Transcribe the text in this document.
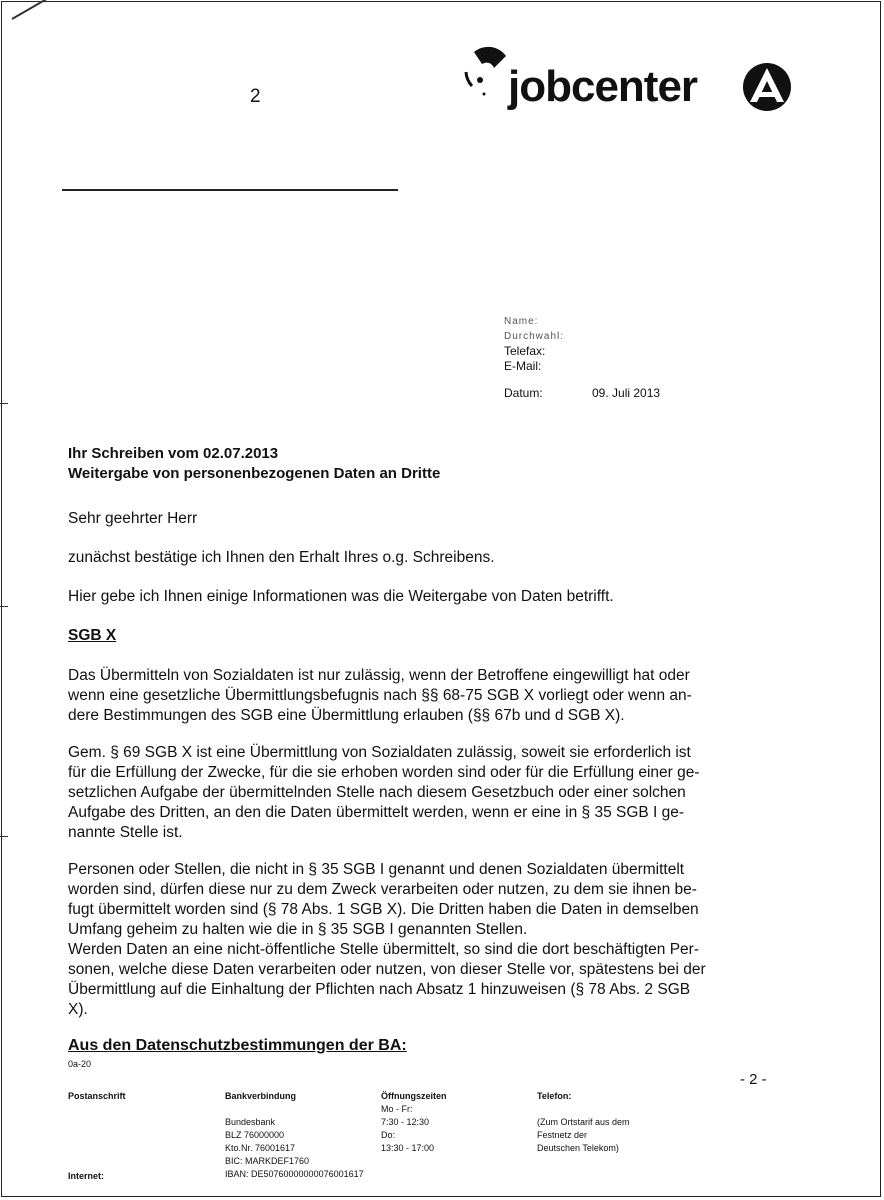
2	jobcenter
Name:
Durchwahl:
Telefax:
E-Mail:
Datum:	09. Juli 2013
Ihr Schreiben vom 02.07.2013
Weitergabe von personenbezogenen Daten an Dritte
Sehr geehrter Herr
zunächst bestätige ich Ihnen den Erhalt Ihres o.g. Schreibens.
Hier gebe ich Ihnen einige Informationen was die Weitergabe von Daten betrifft.
SGB X
Das Übermitteln von Sozialdaten ist nur zulässig, wenn der Betroffene eingewilligt hat oder
wenn eine gesetzliche Übermittlungsbefugnis nach §§ 68-75 SGB X vorliegt oder wenn an-
dere Bestimmungen des SGB eine Übermittlung erlauben (§§ 67b und d SGB X).
Gem. § 69 SGB X ist eine Übermittlung von Sozialdaten zulässig, soweit sie erforderlich ist
für die Erfüllung der Zwecke, für die sie erhoben worden sind oder für die Erfüllung einer ge-
setzlichen Aufgabe der übermittelnden Stelle nach diesem Gesetzbuch oder einer solchen
Aufgabe des Dritten, an den die Daten übermittelt werden, wenn er eine in § 35 SGB I ge-
nannte Stelle ist.
Personen oder Stellen, die nicht in § 35 SGB I genannt und denen Sozialdaten übermittelt
worden sind, dürfen diese nur zu dem Zweck verarbeiten oder nutzen, zu dem sie ihnen be-
fugt übermittelt worden sind (§ 78 Abs. 1 SGB X). Die Dritten haben die Daten in demselben
Umfang geheim zu halten wie die in § 35 SGB I genannten Stellen.
Werden Daten an eine nicht-öffentliche Stelle übermittelt, so sind die dort beschäftigten Per-
sonen, welche diese Daten verarbeiten oder nutzen, von dieser Stelle vor, spätestens bei der
Übermittlung auf die Einhaltung der Pflichten nach Absatz 1 hinzuweisen (§ 78 Abs. 2 SGB
X).
Aus den Datenschutzbestimmungen der BA:
0a-20
- 2 -
Postanschrift
Internet:
Bankverbindung
Bundesbank
BLZ 76000000
Kto.Nr. 76001617
BIC: MARKDEF1760
IBAN: DE50760000000076001617
Öffnungszeiten
Mo - Fr:
7:30 - 12:30
Do:
13:30 - 17:00
Telefon:
(Zum Ortstarif aus dem
Festnetz der
Deutschen Telekom)
